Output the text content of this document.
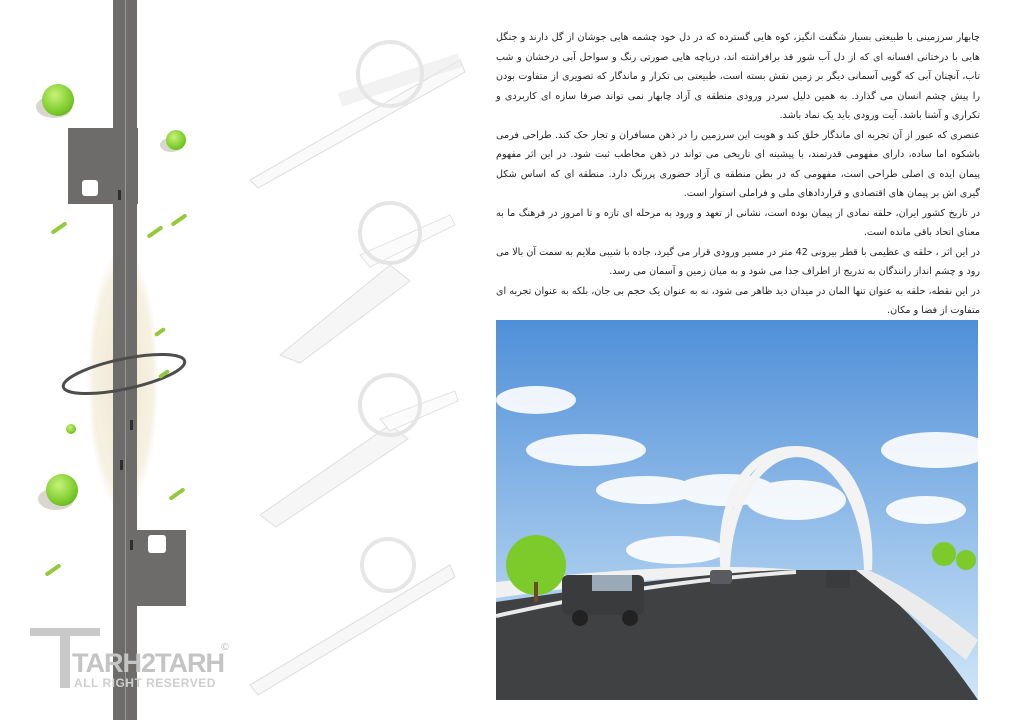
TARH2TARH
©
ALL RIGHT RESERVED

چابهار سرزمینی با طبیعتی بسیار شگفت انگیز، کوه هایی گسترده که در دل خود چشمه هایی جوشان از گل دارند و جنگل هایی با درختانی افسانه ای که از دل آب شور قد برافراشته اند، دریاچه هایی صورتی رنگ و سواحل آبی درخشان و شب تاب، آنچنان آبی که گویی آسمانی دیگر بر زمین نقش بسته است، طبیعتی بی تکرار و ماندگار که تصویری از متفاوت بودن را پیش چشم انسان می گذارد. به همین دلیل سردر ورودی منطقه ی آزاد چابهار نمی تواند صرفا سازه ای کاربردی و تکراری و آشنا باشد. آیت ورودی باید یک نماد باشد.

عنصری که عبور از آن تجربه ای ماندگار خلق کند و هویت این سرزمین را در ذهن مسافران و تجار حک کند. طراحی فرمی باشکوه اما ساده، دارای مفهومی قدرتمند، با پیشینه ای تاریخی می تواند در ذهن مخاطب ثبت شود. در این اثر مفهوم پیمان ایده ی اصلی طراحی است، مفهومی که در بطن منطقه ی آزاد حضوری پررنگ دارد. منطقه ای که اساس شکل گیری اش بر پیمان های اقتصادی و قراردادهای ملی و فراملی استوار است.

در تاریخ کشور ایران، حلقه نمادی از پیمان بوده است، نشانی از تعهد و ورود به مرحله ای تازه و تا امروز در فرهنگ ما به معنای اتحاد باقی مانده است.

در این اثر ، حلقه ی عظیمی با قطر بیرونی 42 متر در مسیر ورودی قرار می گیرد، جاده با شیبی ملایم به سمت آن بالا می رود و چشم انداز رانندگان به تدریج از اطراف جدا می شود و به میان زمین و آسمان می رسد.

در این نقطه، حلقه به عنوان تنها المان در میدان دید ظاهر می شود، نه به عنوان یک حجم بی جان، بلکه به عنوان تجربه ای متفاوت از فضا و مکان.
